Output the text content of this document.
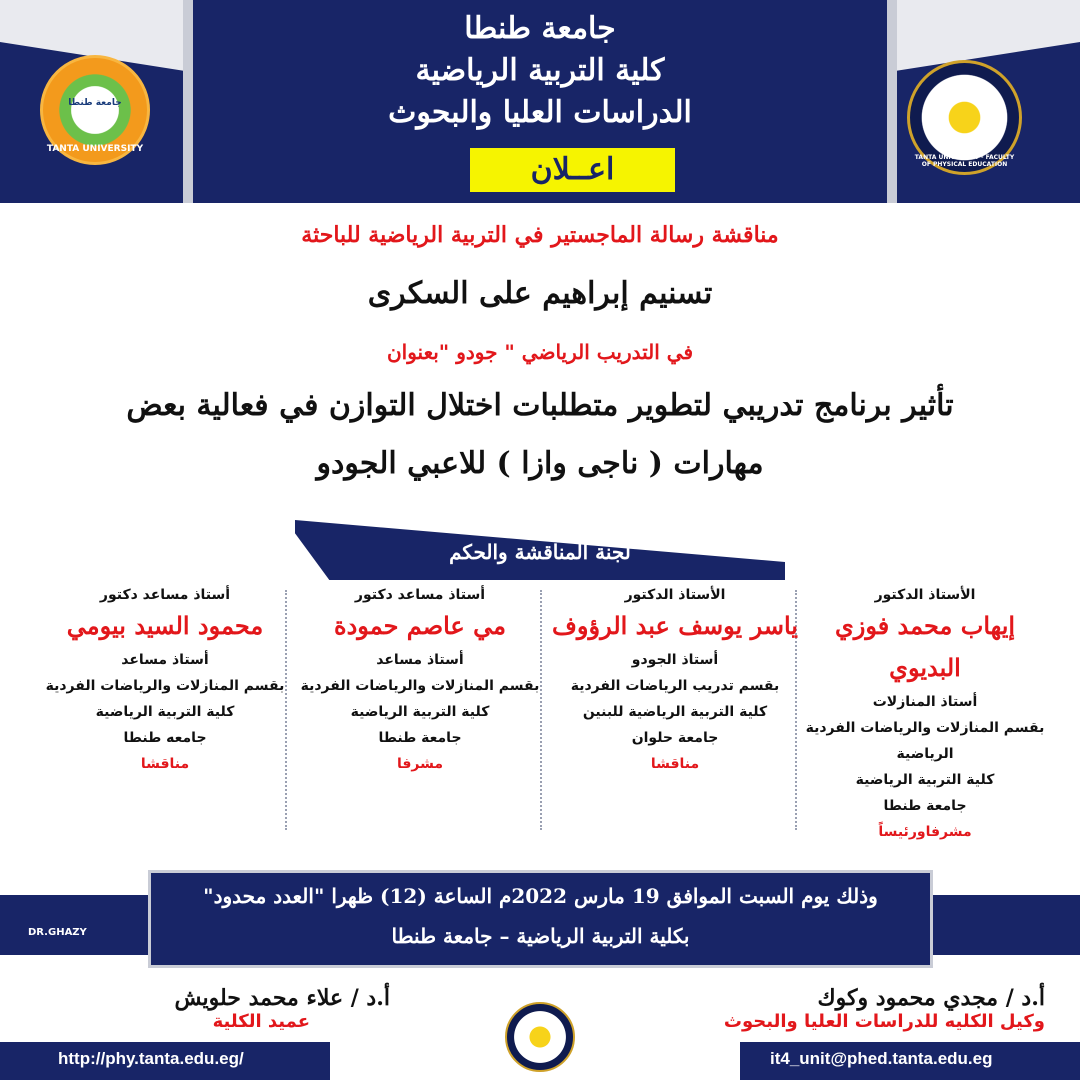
جامعة طنطا
كلية التربية الرياضية
الدراسات العليا والبحوث
اعــلان
جامعة طنطا
TANTA UNIVERSITY
TANTA UNIVERSITY - FACULTY OF PHYSICAL EDUCATION
مناقشة رسالة الماجستير في التربية الرياضية للباحثة
تسنيم إبراهيم على السكرى
في التدريب الرياضي " جودو "بعنوان
تأثير برنامج تدريبي لتطوير متطلبات اختلال التوازن في فعالية بعض
مهارات ( ناجى وازا ) للاعبي الجودو
لجنة المناقشة والحكم
الأستاذ الدكتور
إيهاب محمد فوزي البديوي
أستاذ المنازلات
بقسم المنازلات والرياضات الفردية الرياضية
كلية التربية الرياضية
جامعة طنطا
مشرفاورئيساً
الأستاذ الدكتور
ياسر يوسف عبد الرؤوف
أستاذ الجودو
بقسم تدريب الرياضات الفردية
كلية التربية الرياضية للبنين
جامعة حلوان
مناقشا
أستاذ مساعد دكتور
مي عاصم حمودة
أستاذ مساعد
بقسم المنازلات والرياضات الفردية
كلية التربية الرياضية
جامعة طنطا
مشرفا
أستاذ مساعد دكتور
محمود السيد بيومي
أستاذ مساعد
بقسم المنازلات والرياضات الفردية
كلية التربية الرياضية
جامعه طنطا
مناقشا
وذلك يوم السبت الموافق 19 مارس 2022م الساعة (12) ظهرا "العدد محدود"
بكلية التربية الرياضية – جامعة طنطا
DR.GHAZY
أ.د / مجدي محمود وكوك
وكيل الكليه للدراسات العليا والبحوث
أ.د / علاء محمد حلويش
عميد الكلية
http://phy.tanta.edu.eg/	it4_unit@phed.tanta.edu.eg
